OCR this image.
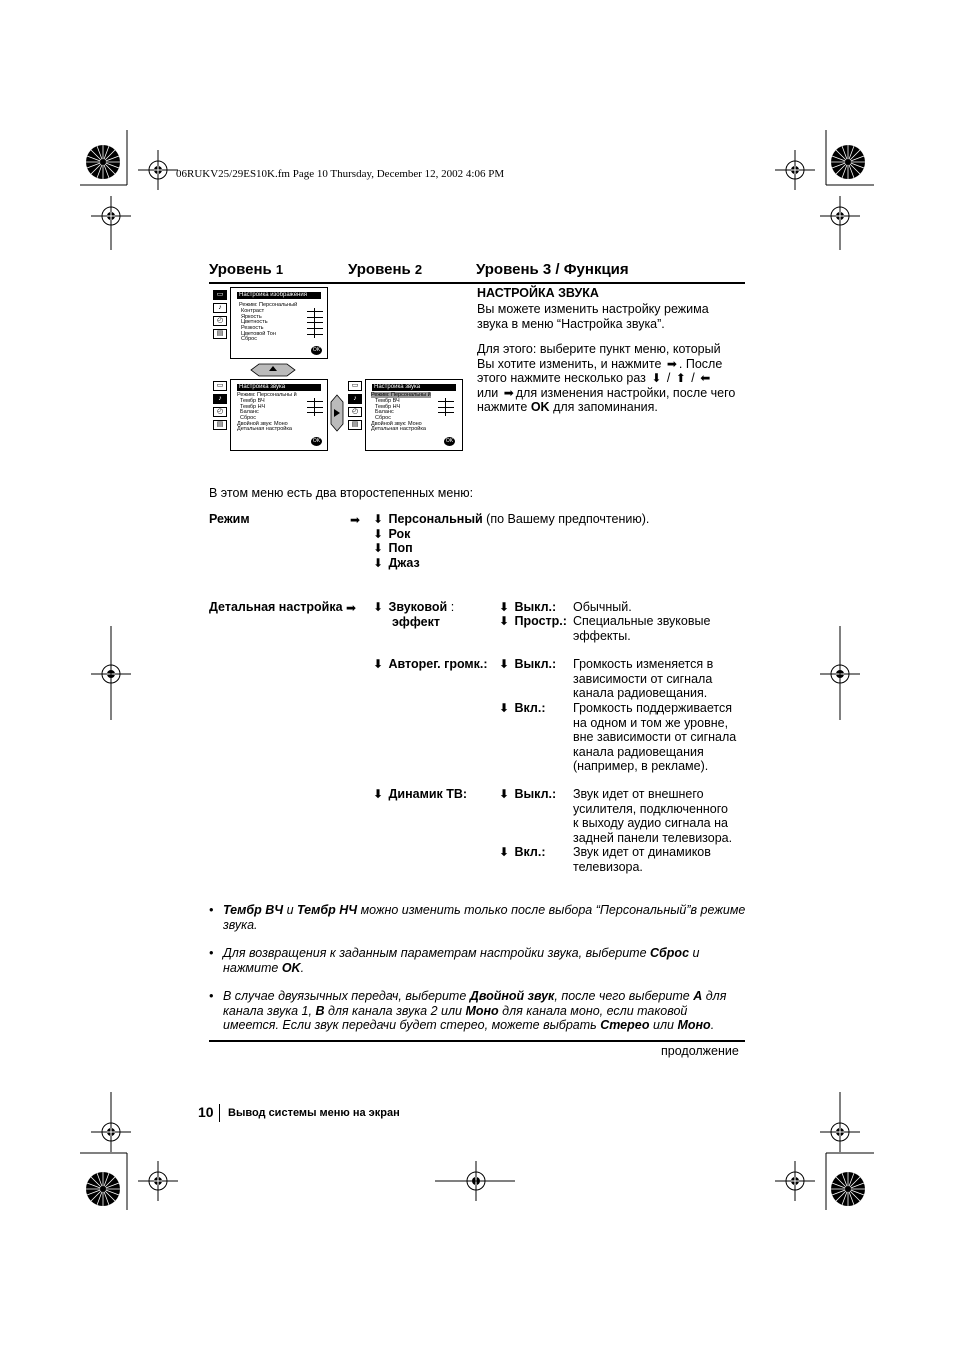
06RUKV25/29ES10K.fm Page 10 Thursday, December 12, 2002 4:06 PM
Уровень 1	Уровень 2	Уровень 3 / Функция
▭
♪
◴
▤
Настройка изображения
Режим: Персональный
Контраст
Яркость
Цветность
Резкость
Цветовой Тон
Сброс
OK
▭
♪
◴
▤
Настройка звука
Режим: Персональны й
Тембр ВЧ
Тембр НЧ
Баланс
Сброс
Двойной звук: Моно
Детальная настройка
OK
▭
♪
◴
▤
Настройка звука
Режим: Персональны й
Тембр ВЧ
Тембр НЧ
Баланс
Сброс
Двойной звук: Моно
Детальная настройка
OK
НАСТРОЙКА ЗВУКА
Вы можете изменить настройку режима
звука в меню “Настройка звука”.
Для этого: выберите пункт меню, который
Вы хотите изменить, и нажмите ➡ . После
этого нажмите несколько раз ⬇ / ⬆ / ⬅
или ➡ для изменения настройки, после чего
нажмите OK для запоминания.
В этом меню есть два второстепенных меню:
Режим	➡ ⬇ Персональный (по Вашему предпочтению).
⬇ Рок
⬇ Поп
⬇ Джаз
Детальная настройка ➡ ⬇ Звуковой :
эффект
⬇ Выкл.: Обычный.
⬇ Простр.: Специальные звуковые
эффекты.
⬇ Авторег. громк.: ⬇ Выкл.: Громкость изменяется в
зависимости от сигнала
канала радиовещания.
⬇ Вкл.: Громкость поддерживается
на одном и том же уровне,
вне зависимости от сигнала
канала радиовещания
(например, в рекламе).
⬇ Динамик ТВ:	⬇ Выкл.: Звук идет от внешнего
усилителя, подключенного
к выходу аудио сигнала на
задней панели телевизора.
⬇ Вкл.: Звук идет от динамиков
телевизора.
• Тембр ВЧ и Тембр НЧ можно изменить только после выбора “Персональный”в режиме
звука.
• Для возвращения к заданным параметрам настройки звука, выберите Сброс и
нажмите OK.
• В случае двуязычных передач, выберите Двойной звук, после чего выберите A для
канала звука 1, B для канала звука 2 или Моно для канала моно, если таковой
имеется. Если звук передачи будет стерео, можете выбрать Стерео или Моно.
продолжение
10 Вывод системы меню на экран
